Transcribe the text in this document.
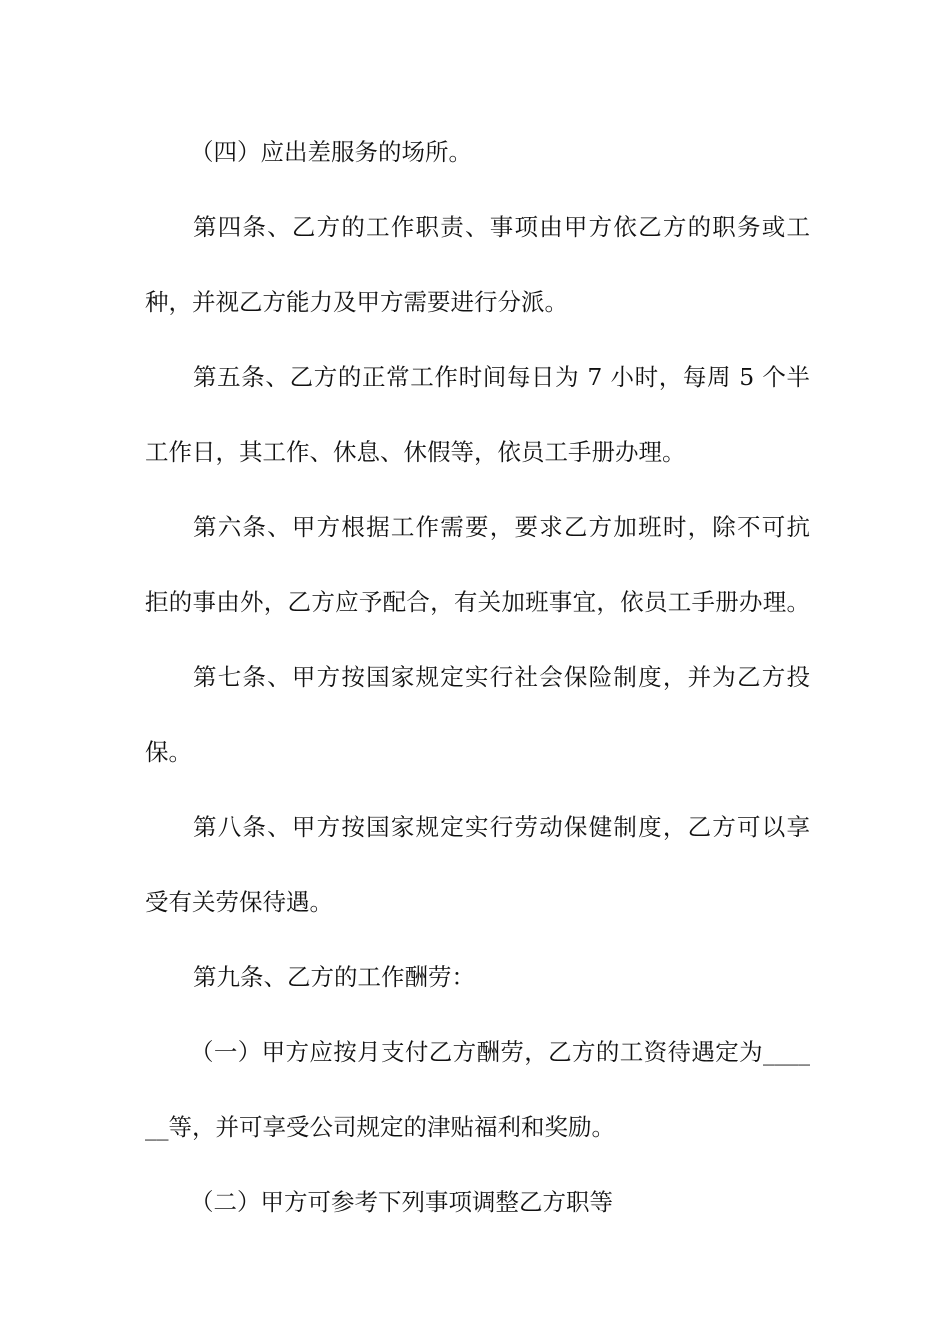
（四）应出差服务的场所。
第四条、乙方的工作职责、事项由甲方依乙方的职务或工
种，并视乙方能力及甲方需要进行分派。
第五条、乙方的正常工作时间每日为 7 小时，每周 5 个半
工作日，其工作、休息、休假等，依员工手册办理。
第六条、甲方根据工作需要，要求乙方加班时，除不可抗
拒的事由外，乙方应予配合，有关加班事宜，依员工手册办理。
第七条、甲方按国家规定实行社会保险制度，并为乙方投
保。
第八条、甲方按国家规定实行劳动保健制度，乙方可以享
受有关劳保待遇。
第九条、乙方的工作酬劳：
（一）甲方应按月支付乙方酬劳，乙方的工资待遇定为____
__等，并可享受公司规定的津贴福利和奖励。
（二）甲方可参考下列事项调整乙方职等
